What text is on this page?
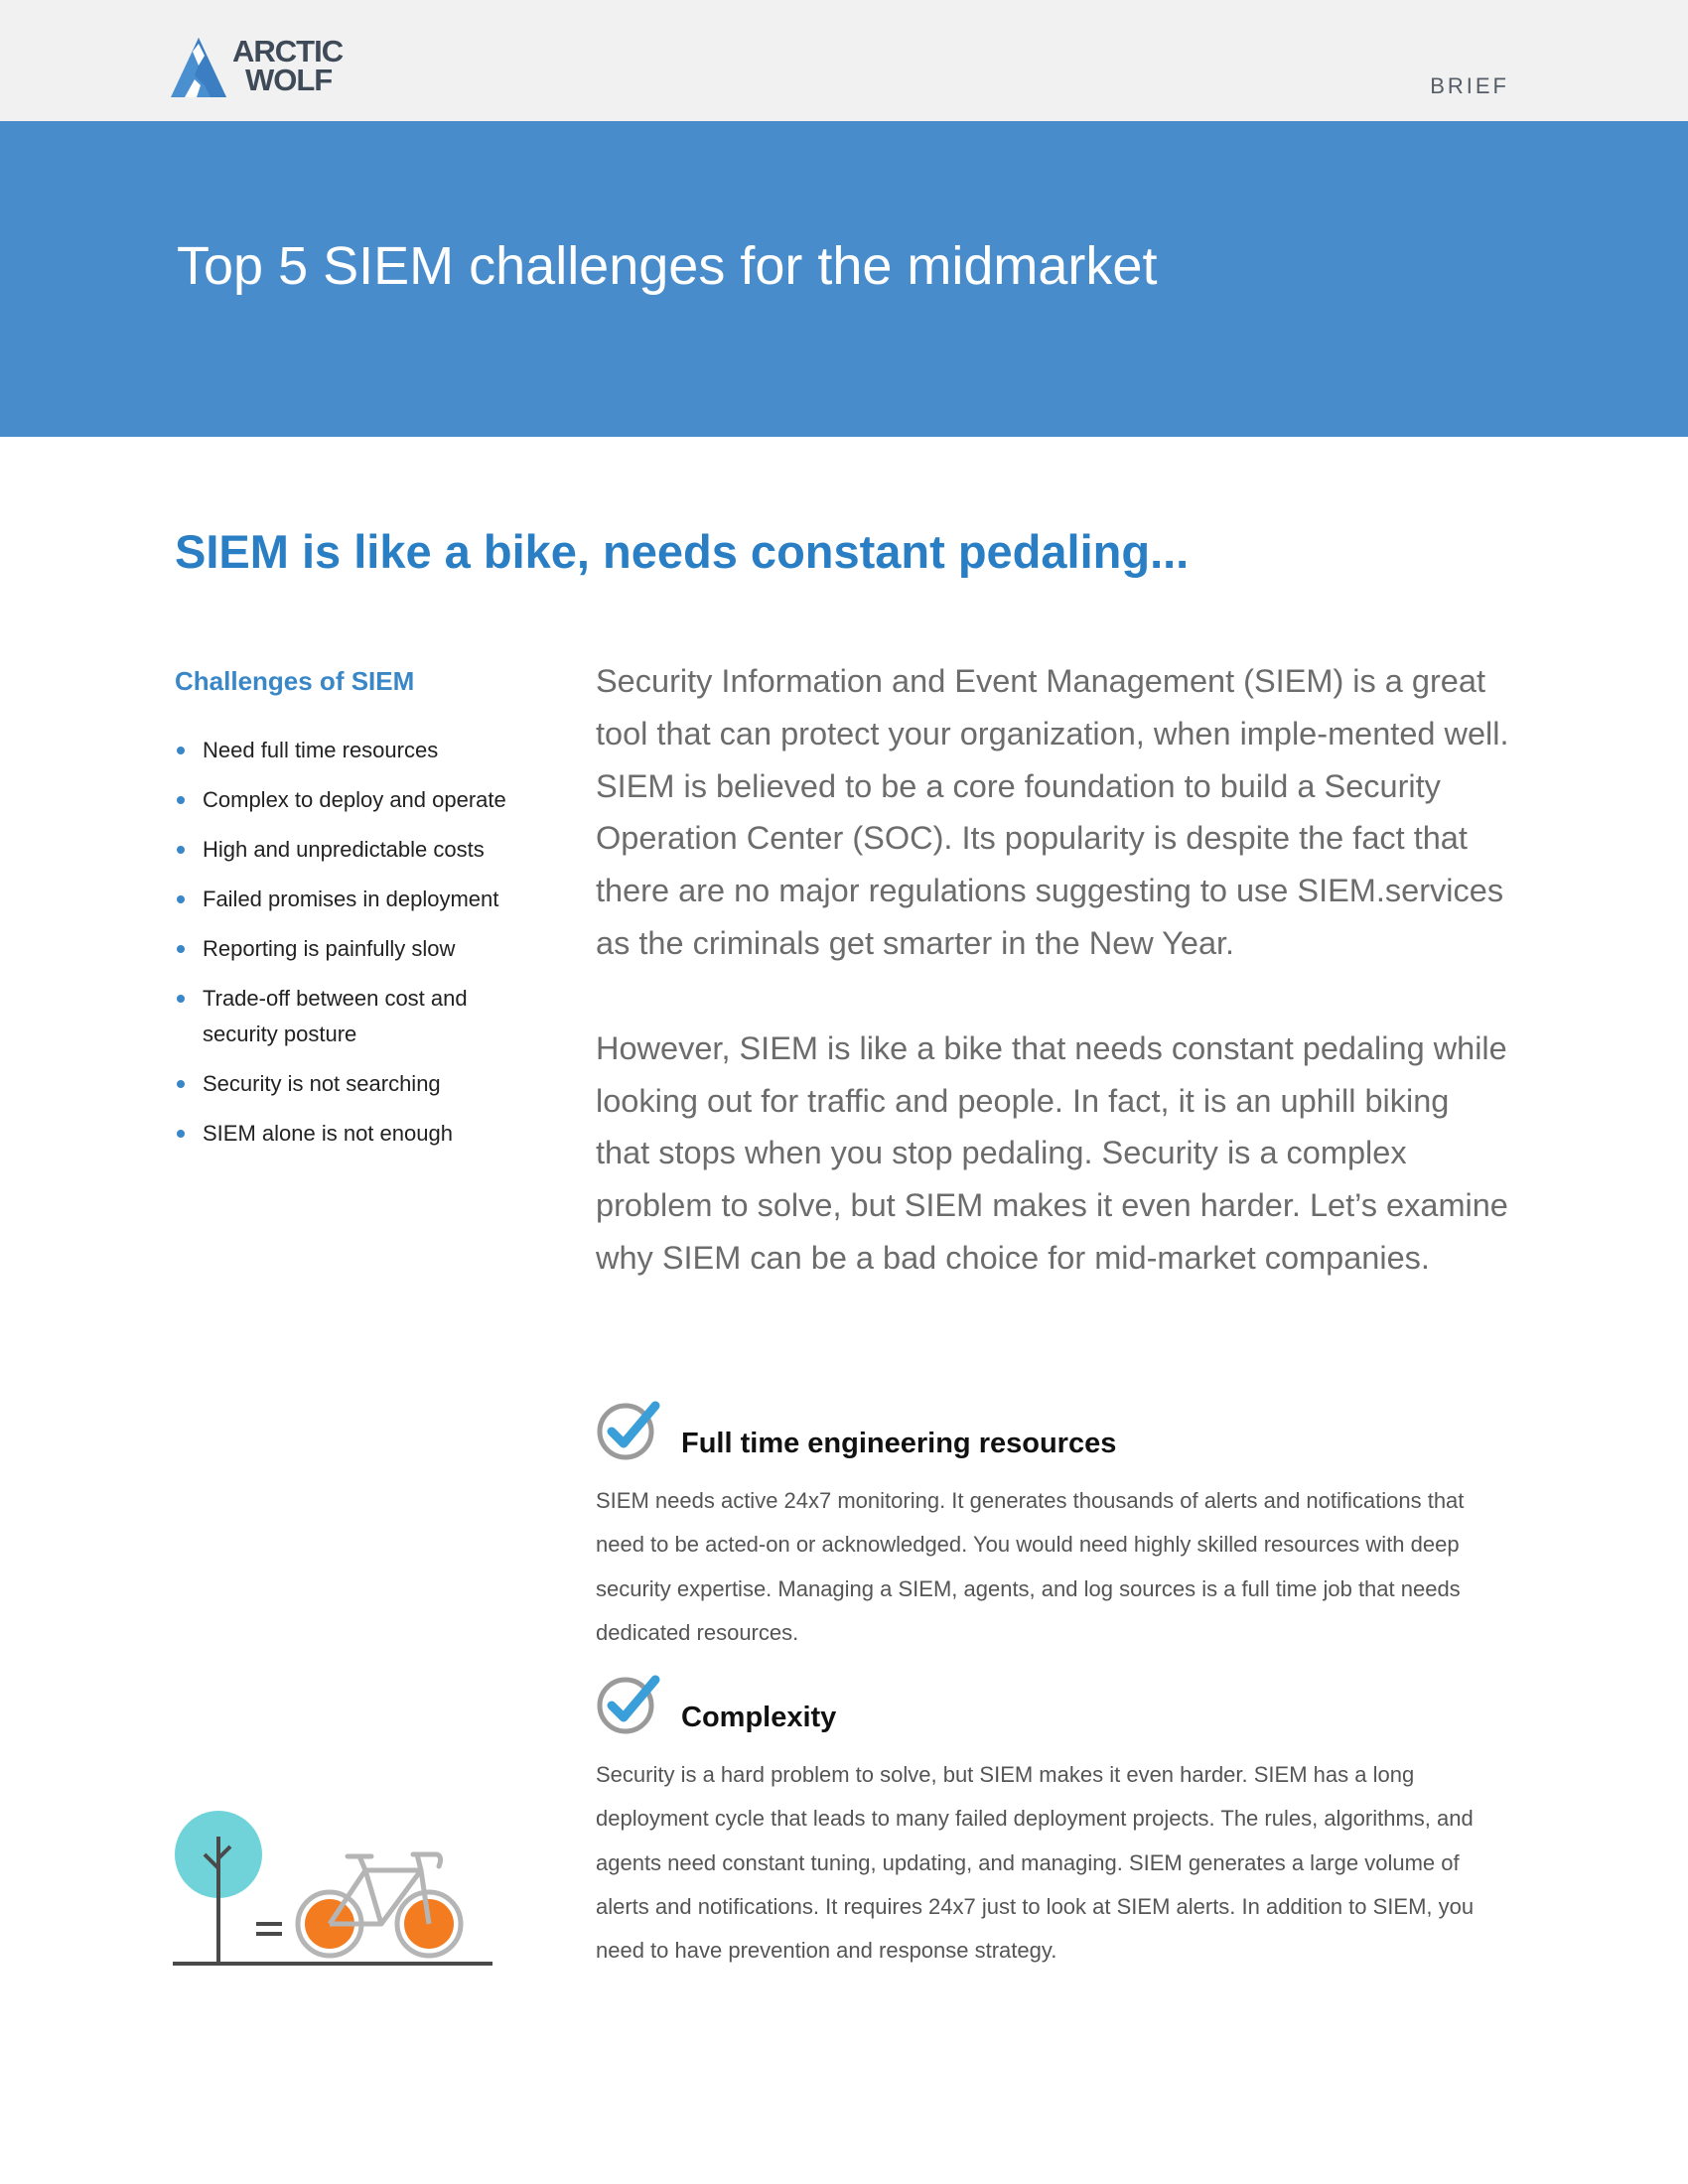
ARCTIC
WOLF	BRIEF
Top 5 SIEM challenges for the midmarket
SIEM is like a bike, needs constant pedaling...
Challenges of SIEM
Need full time resources
Complex to deploy and operate
High and unpredictable costs
Failed promises in deployment
Reporting is painfully slow
Trade-off between cost and security posture
Security is not searching
SIEM alone is not enough

Security Information and Event Management (SIEM) is a great tool that can protect your organization, when imple-mented well. SIEM is believed to be a core foundation to build a Security Operation Center (SOC). Its popularity is despite the fact that there are no major regulations suggesting to use SIEM.services as the criminals get smarter in the New Year.

However, SIEM is like a bike that needs constant pedaling while looking out for traffic and people. In fact, it is an uphill biking that stops when you stop pedaling. Security is a complex problem to solve, but SIEM makes it even harder. Let’s examine why SIEM can be a bad choice for mid-market companies.

Full time engineering resources

SIEM needs active 24x7 monitoring. It generates thousands of alerts and notifications that need to be acted-on or acknowledged. You would need highly skilled resources with deep security expertise. Managing a SIEM, agents, and log sources is a full time job that needs dedicated resources.

Complexity

Security is a hard problem to solve, but SIEM makes it even harder. SIEM has a long deployment cycle that leads to many failed deployment projects. The rules, algorithms, and agents need constant tuning, updating, and managing. SIEM generates a large volume of alerts and notifications. It requires 24x7 just to look at SIEM alerts. In addition to SIEM, you need to have prevention and response strategy.
